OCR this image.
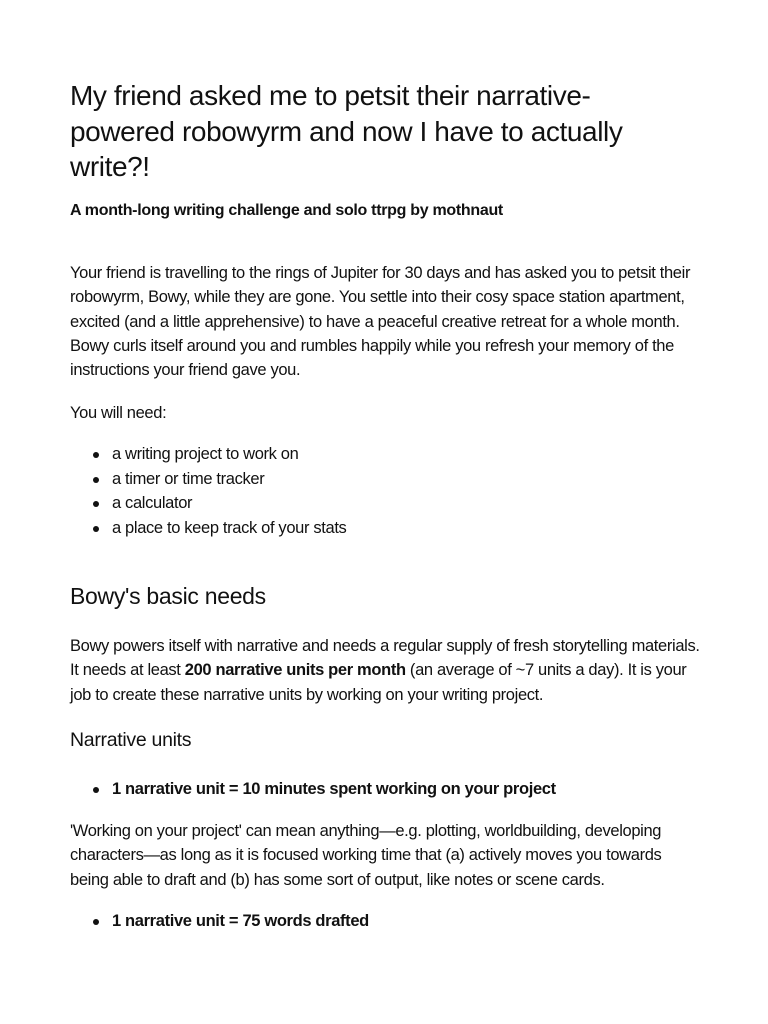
My friend asked me to petsit their narrative-powered robowyrm and now I have to actually write?!

A month-long writing challenge and solo ttrpg by mothnaut

Your friend is travelling to the rings of Jupiter for 30 days and has asked you to petsit their robowyrm, Bowy, while they are gone. You settle into their cosy space station apartment, excited (and a little apprehensive) to have a peaceful creative retreat for a whole month. Bowy curls itself around you and rumbles happily while you refresh your memory of the instructions your friend gave you.

You will need:

a writing project to work on
a timer or time tracker
a calculator
a place to keep track of your stats
Bowy's basic needs

Bowy powers itself with narrative and needs a regular supply of fresh storytelling materials. It needs at least 200 narrative units per month (an average of ~7 units a day). It is your job to create these narrative units by working on your writing project.

Narrative units
1 narrative unit = 10 minutes spent working on your project

'Working on your project' can mean anything—e.g. plotting, worldbuilding, developing characters—as long as it is focused working time that (a) actively moves you towards being able to draft and (b) has some sort of output, like notes or scene cards.

1 narrative unit = 75 words drafted
